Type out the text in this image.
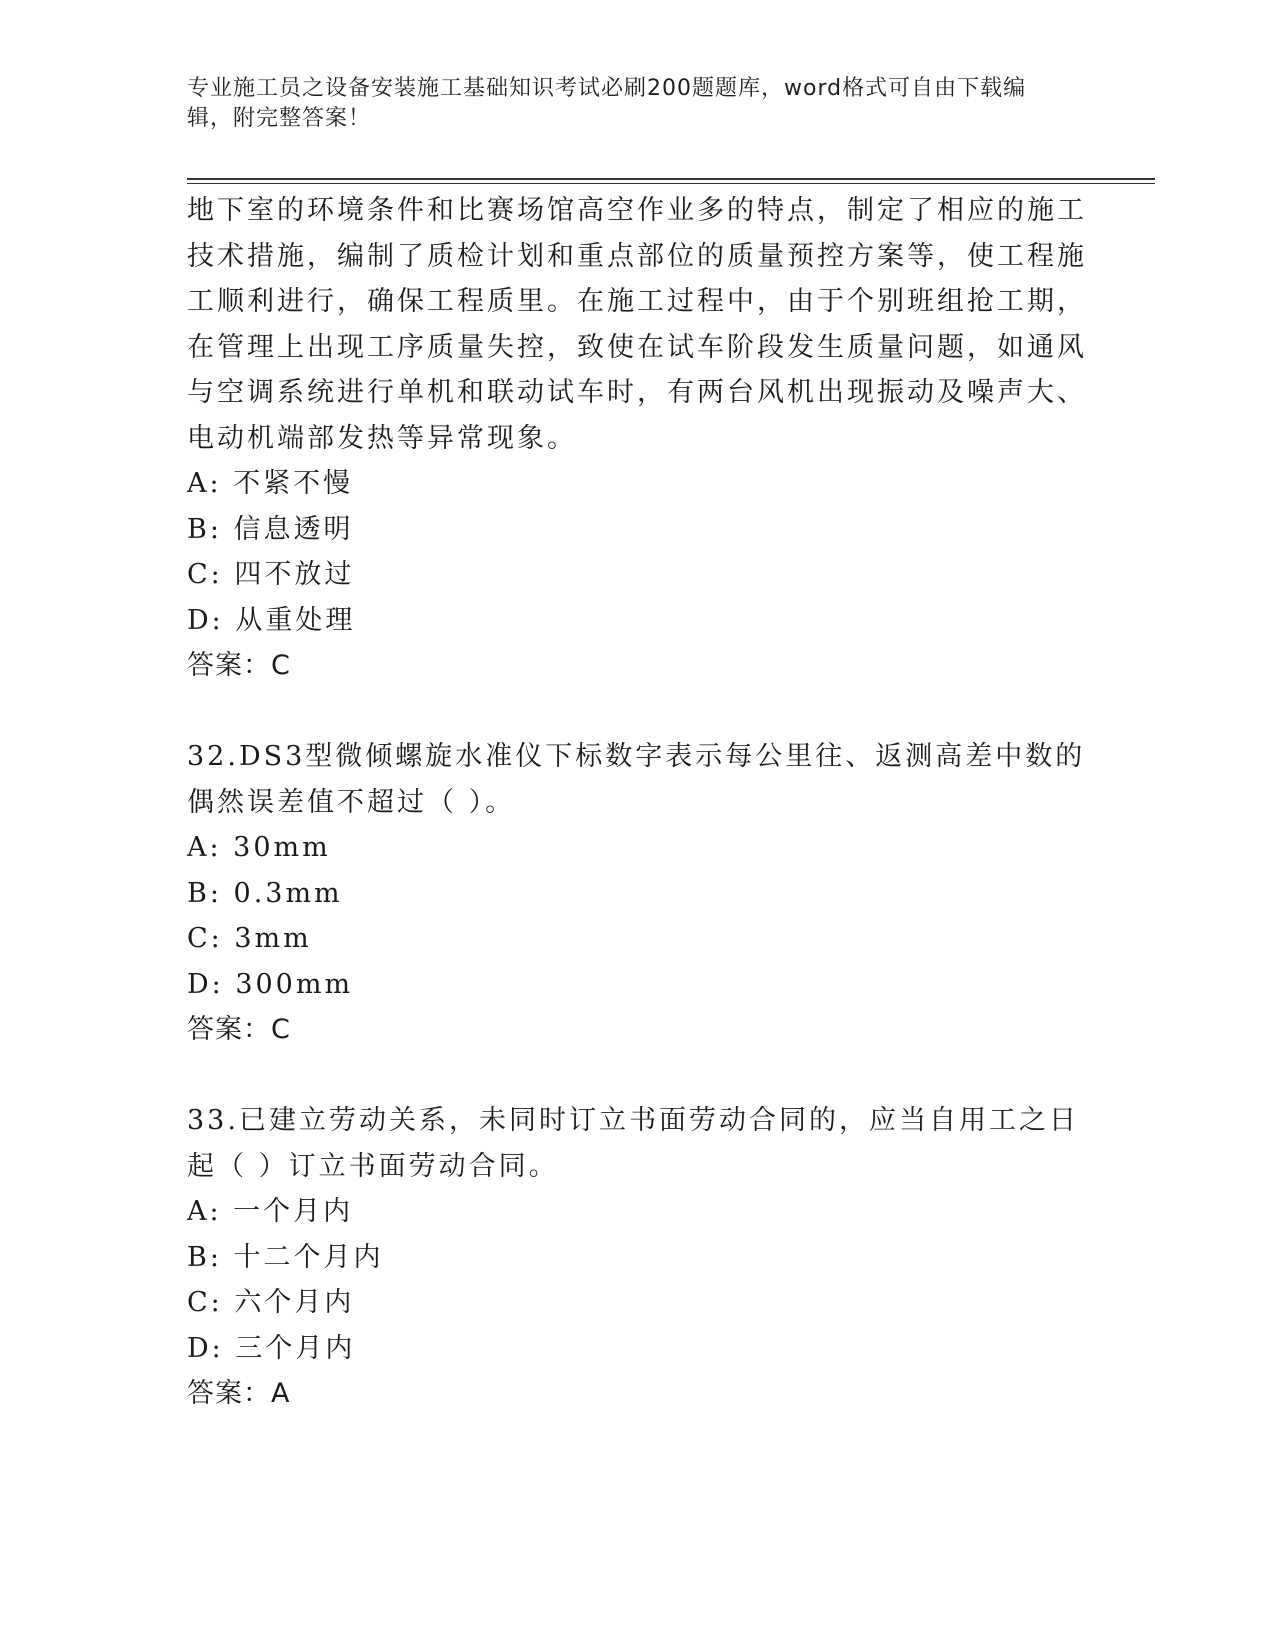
专业施工员之设备安装施工基础知识考试必刷200题题库，word格式可自由下载编辑，附完整答案！

地下室的环境条件和比赛场馆高空作业多的特点，制定了相应的施工技术措施，编制了质检计划和重点部位的质量预控方案等，使工程施工顺利进行，确保工程质里。在施工过程中，由于个别班组抢工期，在管理上出现工序质量失控，致使在试车阶段发生质量问题，如通风与空调系统进行单机和联动试车时，有两台风机出现振动及噪声大、电动机端部发热等异常现象。

A: 不紧不慢

B: 信息透明

C: 四不放过

D: 从重处理

答案：C

32.DS3型微倾螺旋水准仪下标数字表示每公里往、返测高差中数的偶然误差值不超过（ ）。

A: 30mm

B: 0.3mm

C: 3mm

D: 300mm

答案：C

33.已建立劳动关系，未同时订立书面劳动合同的，应当自用工之日起（ ）订立书面劳动合同。

A: 一个月内

B: 十二个月内

C: 六个月内

D: 三个月内

答案：A
